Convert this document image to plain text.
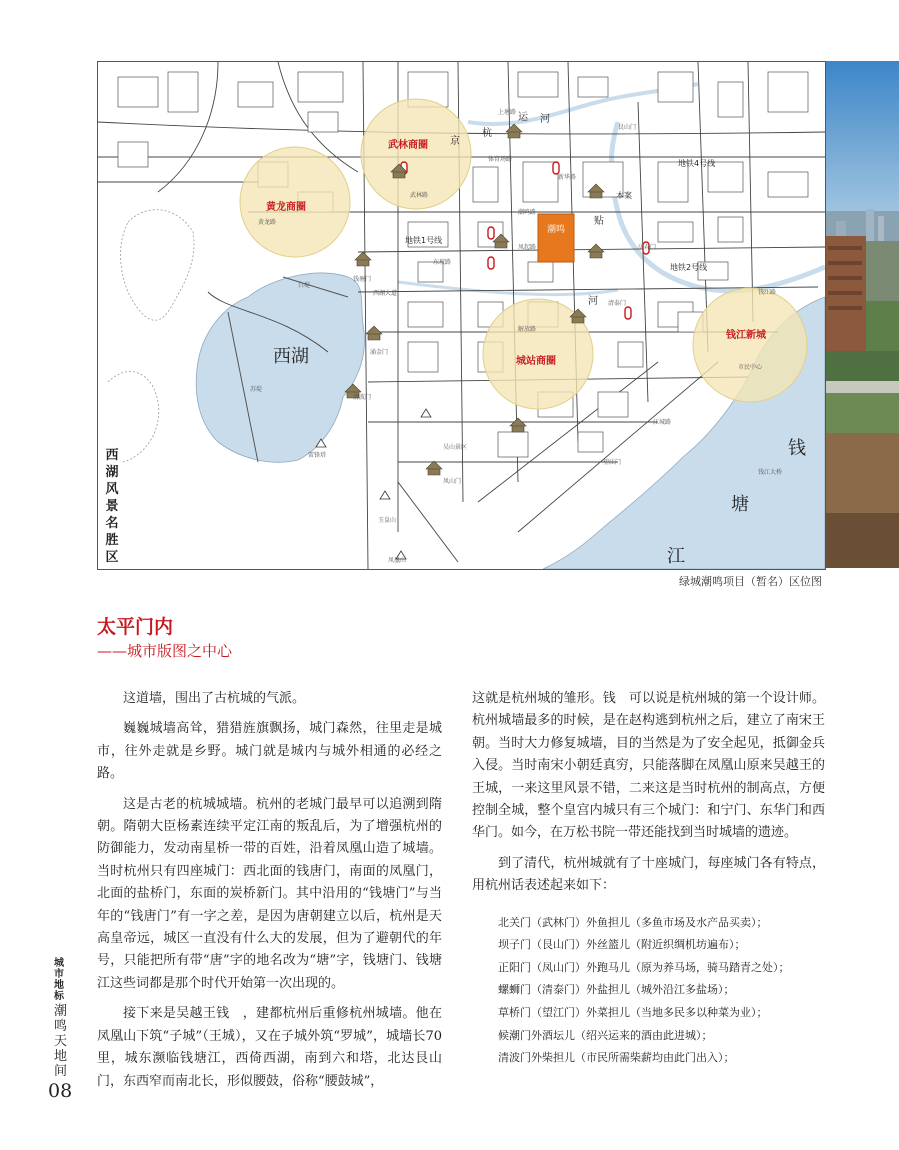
西湖
钱
塘
江
西湖风景名胜区
武林商圈
黄龙商圈
城站商圈
钱江新城
潮鸣
运 河
京
杭
贴
河
地铁1号线
地铁2号线
地铁4号线
本案
吴山景区
雷锋塔
玉皇山
凤凰山
白堤
苏堤
钱江大桥
西湖大道
体育场路
凤起路
清泰门
望江门
凤山门
涌金门
钱塘门
清波门
艮山门
庆春门
潮鸣路
武林路
黄龙路
东坡路
解放路
上塘路
新华路
钱江路
市民中心
江城路
绿城潮鸣项目（暂名）区位图
太平门内
——城市版图之中心

这道墙，围出了古杭城的气派。

巍巍城墙高耸，猎猎旌旗飘扬，城门森然，往里走是城市，往外走就是乡野。城门就是城内与城外相通的必经之路。

这是古老的杭城城墙。杭州的老城门最早可以追溯到隋朝。隋朝大臣杨素连续平定江南的叛乱后，为了增强杭州的防御能力，发动南星桥一带的百姓，沿着凤凰山造了城墙。当时杭州只有四座城门：西北面的钱唐门，南面的凤凰门，北面的盐桥门，东面的炭桥新门。其中沿用的“钱塘门”与当年的“钱唐门”有一字之差，是因为唐朝建立以后，杭州是天高皇帝远，城区一直没有什么大的发展，但为了避朝代的年号，只能把所有带“唐”字的地名改为“塘”字，钱塘门、钱塘江这些词都是那个时代开始第一次出现的。

接下来是吴越王钱　，建都杭州后重修杭州城墙。他在凤凰山下筑“子城”（王城），又在子城外筑“罗城”，城墙长70里，城东濒临钱塘江，西倚西湖，南到六和塔，北达艮山门，东西窄而南北长，形似腰鼓，俗称“腰鼓城”，

这就是杭州城的雏形。钱　可以说是杭州城的第一个设计师。杭州城墙最多的时候，是在赵构逃到杭州之后，建立了南宋王朝。当时大力修复城墙，目的当然是为了安全起见，抵御金兵入侵。当时南宋小朝廷真穷，只能落脚在凤凰山原来吴越王的王城，一来这里风景不错，二来这是当时杭州的制高点，方便控制全城，整个皇宫内城只有三个城门：和宁门、东华门和西华门。如今，在万松书院一带还能找到当时城墙的遗迹。

到了清代，杭州城就有了十座城门，每座城门各有特点，用杭州话表述起来如下：

北关门（武林门）外鱼担儿（多鱼市场及水产品买卖）；
坝子门（艮山门）外丝篮儿（附近织绸机坊遍布）；
正阳门（凤山门）外跑马儿（原为养马场，骑马踏青之处）；
螺蛳门（清泰门）外盐担儿（城外沿江多盐场）；
草桥门（望江门）外菜担儿（当地多民多以种菜为业）；
候潮门外酒坛儿（绍兴运来的酒由此进城）；
清波门外柴担儿（市民所需柴薪均由此门出入）；
城市地标
潮鸣天地间
08
